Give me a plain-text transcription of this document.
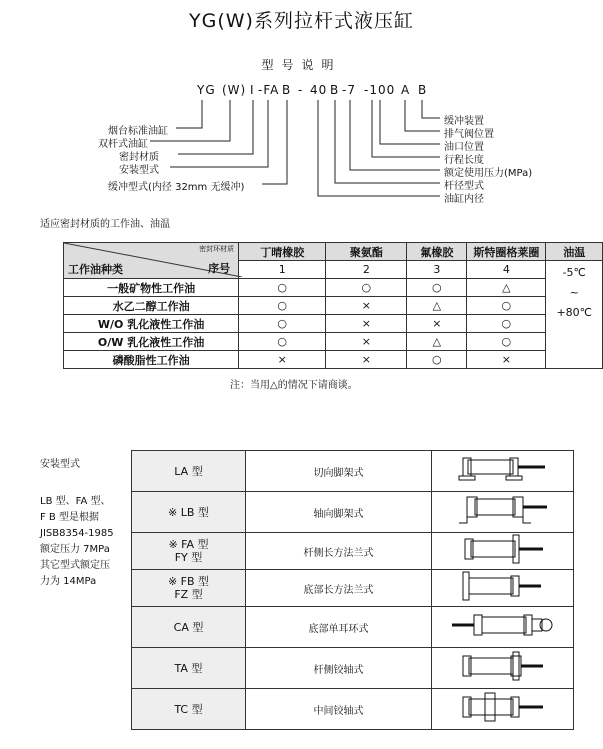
YG(W)系列拉杆式液压缸
型号说明
YG (W) I -FA B - 40 B -7 -100 A B
缓冲装置
排气阀位置
油口位置
行程长度
额定使用压力(MPa)
杆径型式
油缸内径
烟台标准油缸
双杆式油缸
密封材质
安装型式
缓冲型式(内径 32mm 无缓冲)
适应密封材质的工作油、油温
密封环材质
序号
工作油种类	丁晴橡胶	聚氨酯	氟橡胶	斯特圈格莱圈	油温
	1	2	3	4	-5℃
~
+80℃

一般矿物性工作油	○	○	○	△	
水乙二醇工作油	○	×	△	○	
W/O 乳化液性工作油	○	×	×	○	
O/W 乳化液性工作油	○	×	△	○	
磷酸脂性工作油	×	×	○	×	
注：当用△的情况下请商谈。
安装型式
LB 型、FA 型、
F B 型是根据
JISB8354-1985
额定压力 7MPa
其它型式额定压
力为 14MPa
LA 型	切向脚架式	

※ LB 型	轴向脚架式	

※ FA 型
FY 型	杆侧长方法兰式	

※ FB 型
FZ 型	底部长方法兰式	

CA 型	底部单耳环式	

TA 型	杆侧铰轴式	

TC 型	中间铰轴式	
